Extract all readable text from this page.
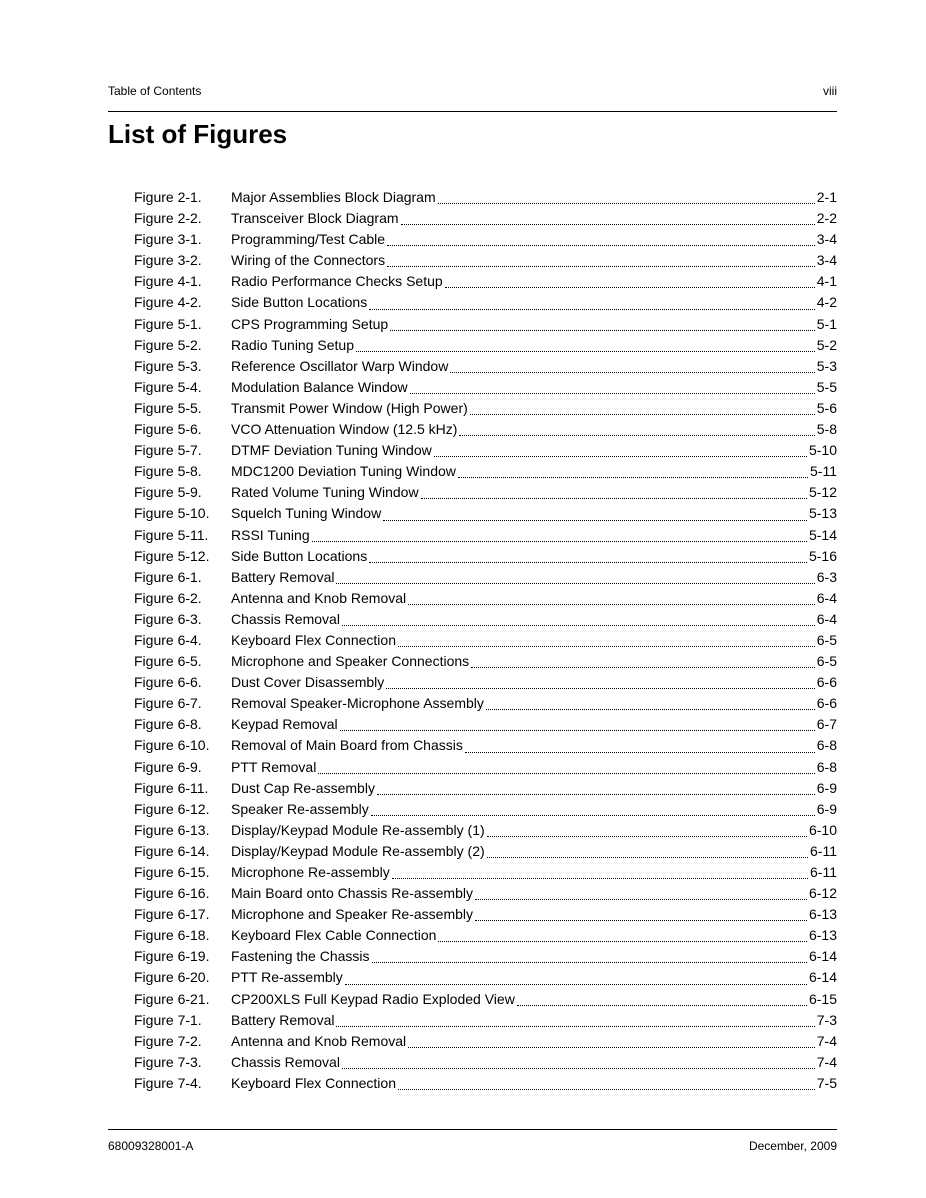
Table of Contents	viii
List of Figures
Figure 2-1.	Major Assemblies Block Diagram	2-1
Figure 2-2.	Transceiver Block Diagram	2-2
Figure 3-1.	Programming/Test Cable	3-4
Figure 3-2.	Wiring of the Connectors	3-4
Figure 4-1.	Radio Performance Checks Setup	4-1
Figure 4-2.	Side Button Locations	4-2
Figure 5-1.	CPS Programming Setup	5-1
Figure 5-2.	Radio Tuning Setup	5-2
Figure 5-3.	Reference Oscillator Warp Window	5-3
Figure 5-4.	Modulation Balance Window	5-5
Figure 5-5.	Transmit Power Window (High Power)	5-6
Figure 5-6.	VCO Attenuation Window (12.5 kHz)	5-8
Figure 5-7.	DTMF Deviation Tuning Window	5-10
Figure 5-8.	MDC1200 Deviation Tuning Window	5-11
Figure 5-9.	Rated Volume Tuning Window	5-12
Figure 5-10.	Squelch Tuning Window	5-13
Figure 5-11.	RSSI Tuning	5-14
Figure 5-12.	Side Button Locations	5-16
Figure 6-1.	Battery Removal	6-3
Figure 6-2.	Antenna and Knob Removal	6-4
Figure 6-3.	Chassis Removal	6-4
Figure 6-4.	Keyboard Flex Connection	6-5
Figure 6-5.	Microphone and Speaker Connections	6-5
Figure 6-6.	Dust Cover Disassembly	6-6
Figure 6-7.	Removal Speaker-Microphone Assembly	6-6
Figure 6-8.	Keypad Removal	6-7
Figure 6-10.	Removal of Main Board from Chassis	6-8
Figure 6-9.	PTT Removal	6-8
Figure 6-11.	Dust Cap Re-assembly	6-9
Figure 6-12.	Speaker Re-assembly	6-9
Figure 6-13.	Display/Keypad Module Re-assembly (1)	6-10
Figure 6-14.	Display/Keypad Module Re-assembly (2)	6-11
Figure 6-15.	Microphone Re-assembly	6-11
Figure 6-16.	Main Board onto Chassis Re-assembly	6-12
Figure 6-17.	Microphone and Speaker Re-assembly	6-13
Figure 6-18.	Keyboard Flex Cable Connection	6-13
Figure 6-19.	Fastening the Chassis	6-14
Figure 6-20.	PTT Re-assembly	6-14
Figure 6-21.	CP200XLS Full Keypad Radio Exploded View	6-15
Figure 7-1.	Battery Removal	7-3
Figure 7-2.	Antenna and Knob Removal	7-4
Figure 7-3.	Chassis Removal	7-4
Figure 7-4.	Keyboard Flex Connection	7-5
68009328001-A	December, 2009
